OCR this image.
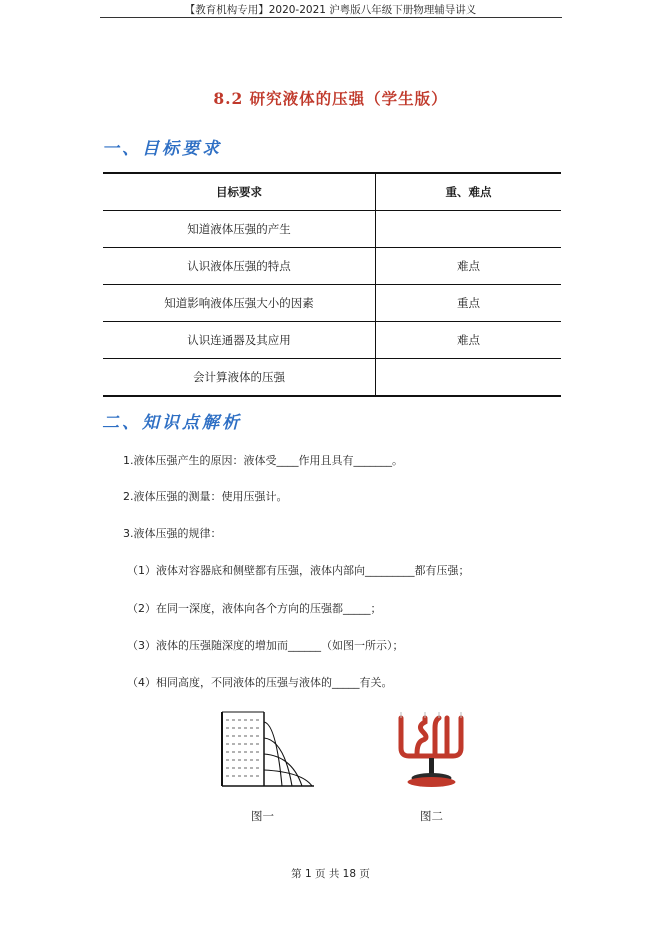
【教育机构专用】2020-2021 沪粤版八年级下册物理辅导讲义
8.2 研究液体的压强（学生版）
一、目标要求
目标要求	重、难点
知道液体压强的产生	
认识液体压强的特点	难点
知道影响液体压强大小的因素	重点
认识连通器及其应用	难点
会计算液体的压强	
二、知识点解析
1.液体压强产生的原因：液体受____作用且具有_______。
2.液体压强的测量：使用压强计。
3.液体压强的规律：
（1）液体对容器底和侧壁都有压强，液体内部向_________都有压强；
（2）在同一深度，液体向各个方向的压强都_____；
（3）液体的压强随深度的增加而______（如图一所示）；
（4）相同高度，不同液体的压强与液体的_____有关。
图一	图二
第 1 页 共 18 页
